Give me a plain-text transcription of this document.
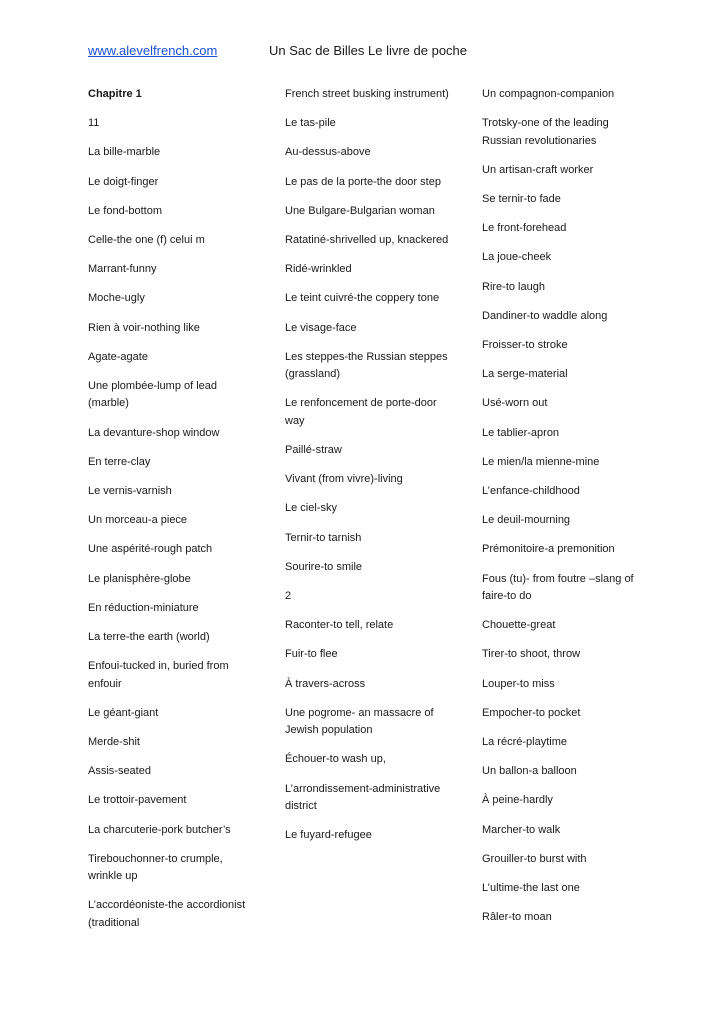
www.alevelfrench.com	Un Sac de Billes Le livre de poche
Chapitre 1
11
La bille-marble
Le doigt-finger
Le fond-bottom
Celle-the one (f) celui m
Marrant-funny
Moche-ugly
Rien à voir-nothing like
Agate-agate
Une plombée-lump of lead (marble)
La devanture-shop window
En terre-clay
Le vernis-varnish
Un morceau-a piece
Une aspérité-rough patch
Le planisphère-globe
En réduction-miniature
La terre-the earth (world)
Enfoui-tucked in, buried from enfouir
Le géant-giant
Merde-shit
Assis-seated
Le trottoir-pavement
La charcuterie-pork butcher’s
Tirebouchonner-to crumple, wrinkle up
L’accordéoniste-the accordionist (traditional
French street busking instrument)
Le tas-pile
Au-dessus-above
Le pas de la porte-the door step
Une Bulgare-Bulgarian woman
Ratatiné-shrivelled up, knackered
Ridé-wrinkled
Le teint cuivré-the coppery tone
Le visage-face
Les steppes-the Russian steppes (grassland)
Le renfoncement de porte-door way
Paillé-straw
Vivant (from vivre)-living
Le ciel-sky
Ternir-to tarnish
Sourire-to smile
2
Raconter-to tell, relate
Fuir-to flee
À travers-across
Une pogrome- an massacre of Jewish population
Échouer-to wash up,
L’arrondissement-administrative district
Le fuyard-refugee
Un compagnon-companion
Trotsky-one of the leading Russian revolutionaries
Un artisan-craft worker
Se ternir-to fade
Le front-forehead
La joue-cheek
Rire-to laugh
Dandiner-to waddle along
Froisser-to stroke
La serge-material
Usé-worn out
Le tablier-apron
Le mien/la mienne-mine
L’enfance-childhood
Le deuil-mourning
Prémonitoire-a premonition
Fous (tu)- from foutre –slang of faire-to do
Chouette-great
Tirer-to shoot, throw
Louper-to miss
Empocher-to pocket
La récré-playtime
Un ballon-a balloon
À peine-hardly
Marcher-to walk
Grouiller-to burst with
L’ultime-the last one
Râler-to moan
